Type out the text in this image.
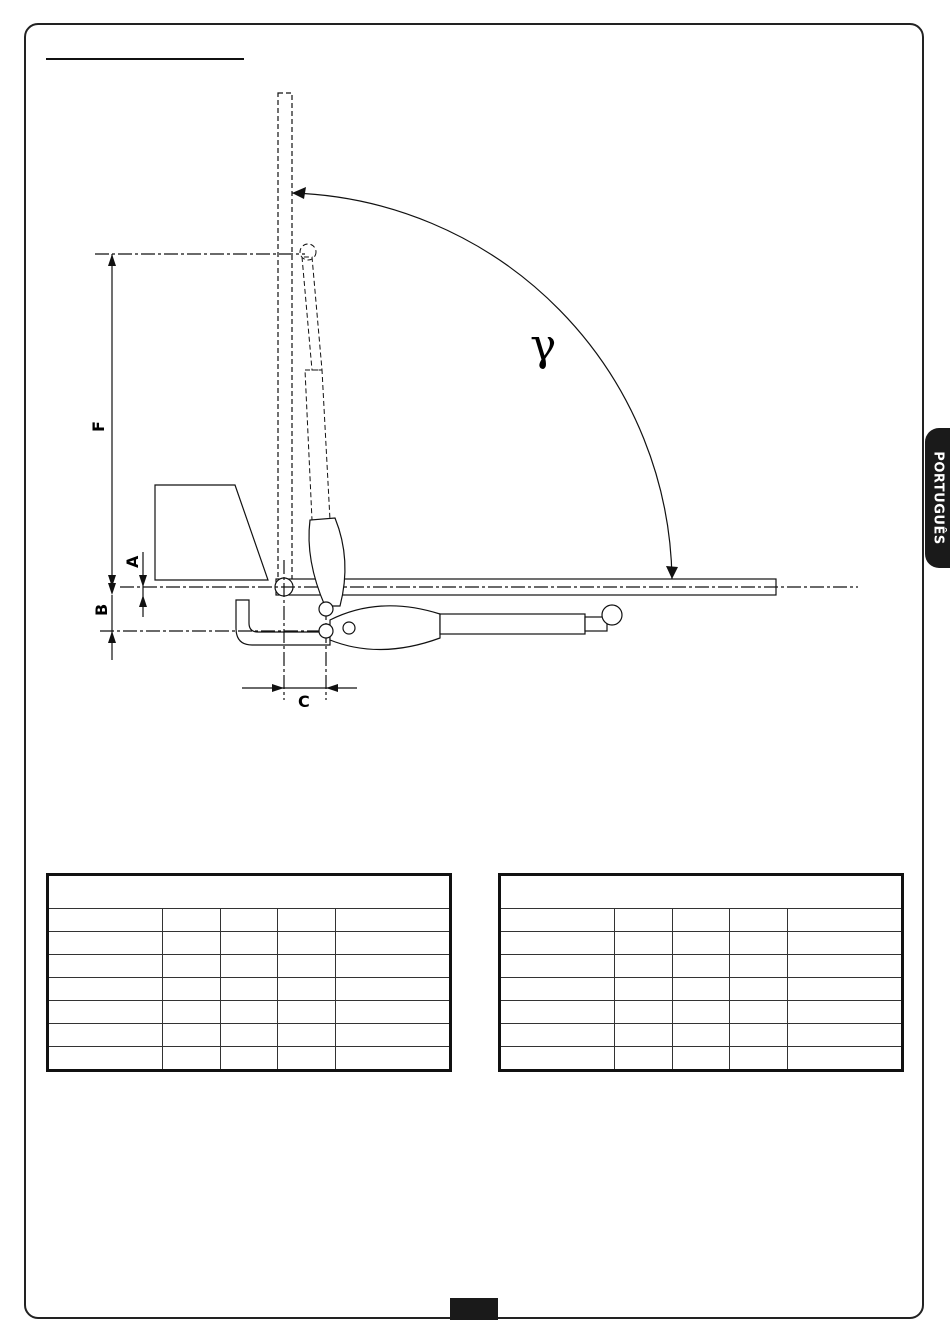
PORTUGUÊS
F
A
B
C
γ
